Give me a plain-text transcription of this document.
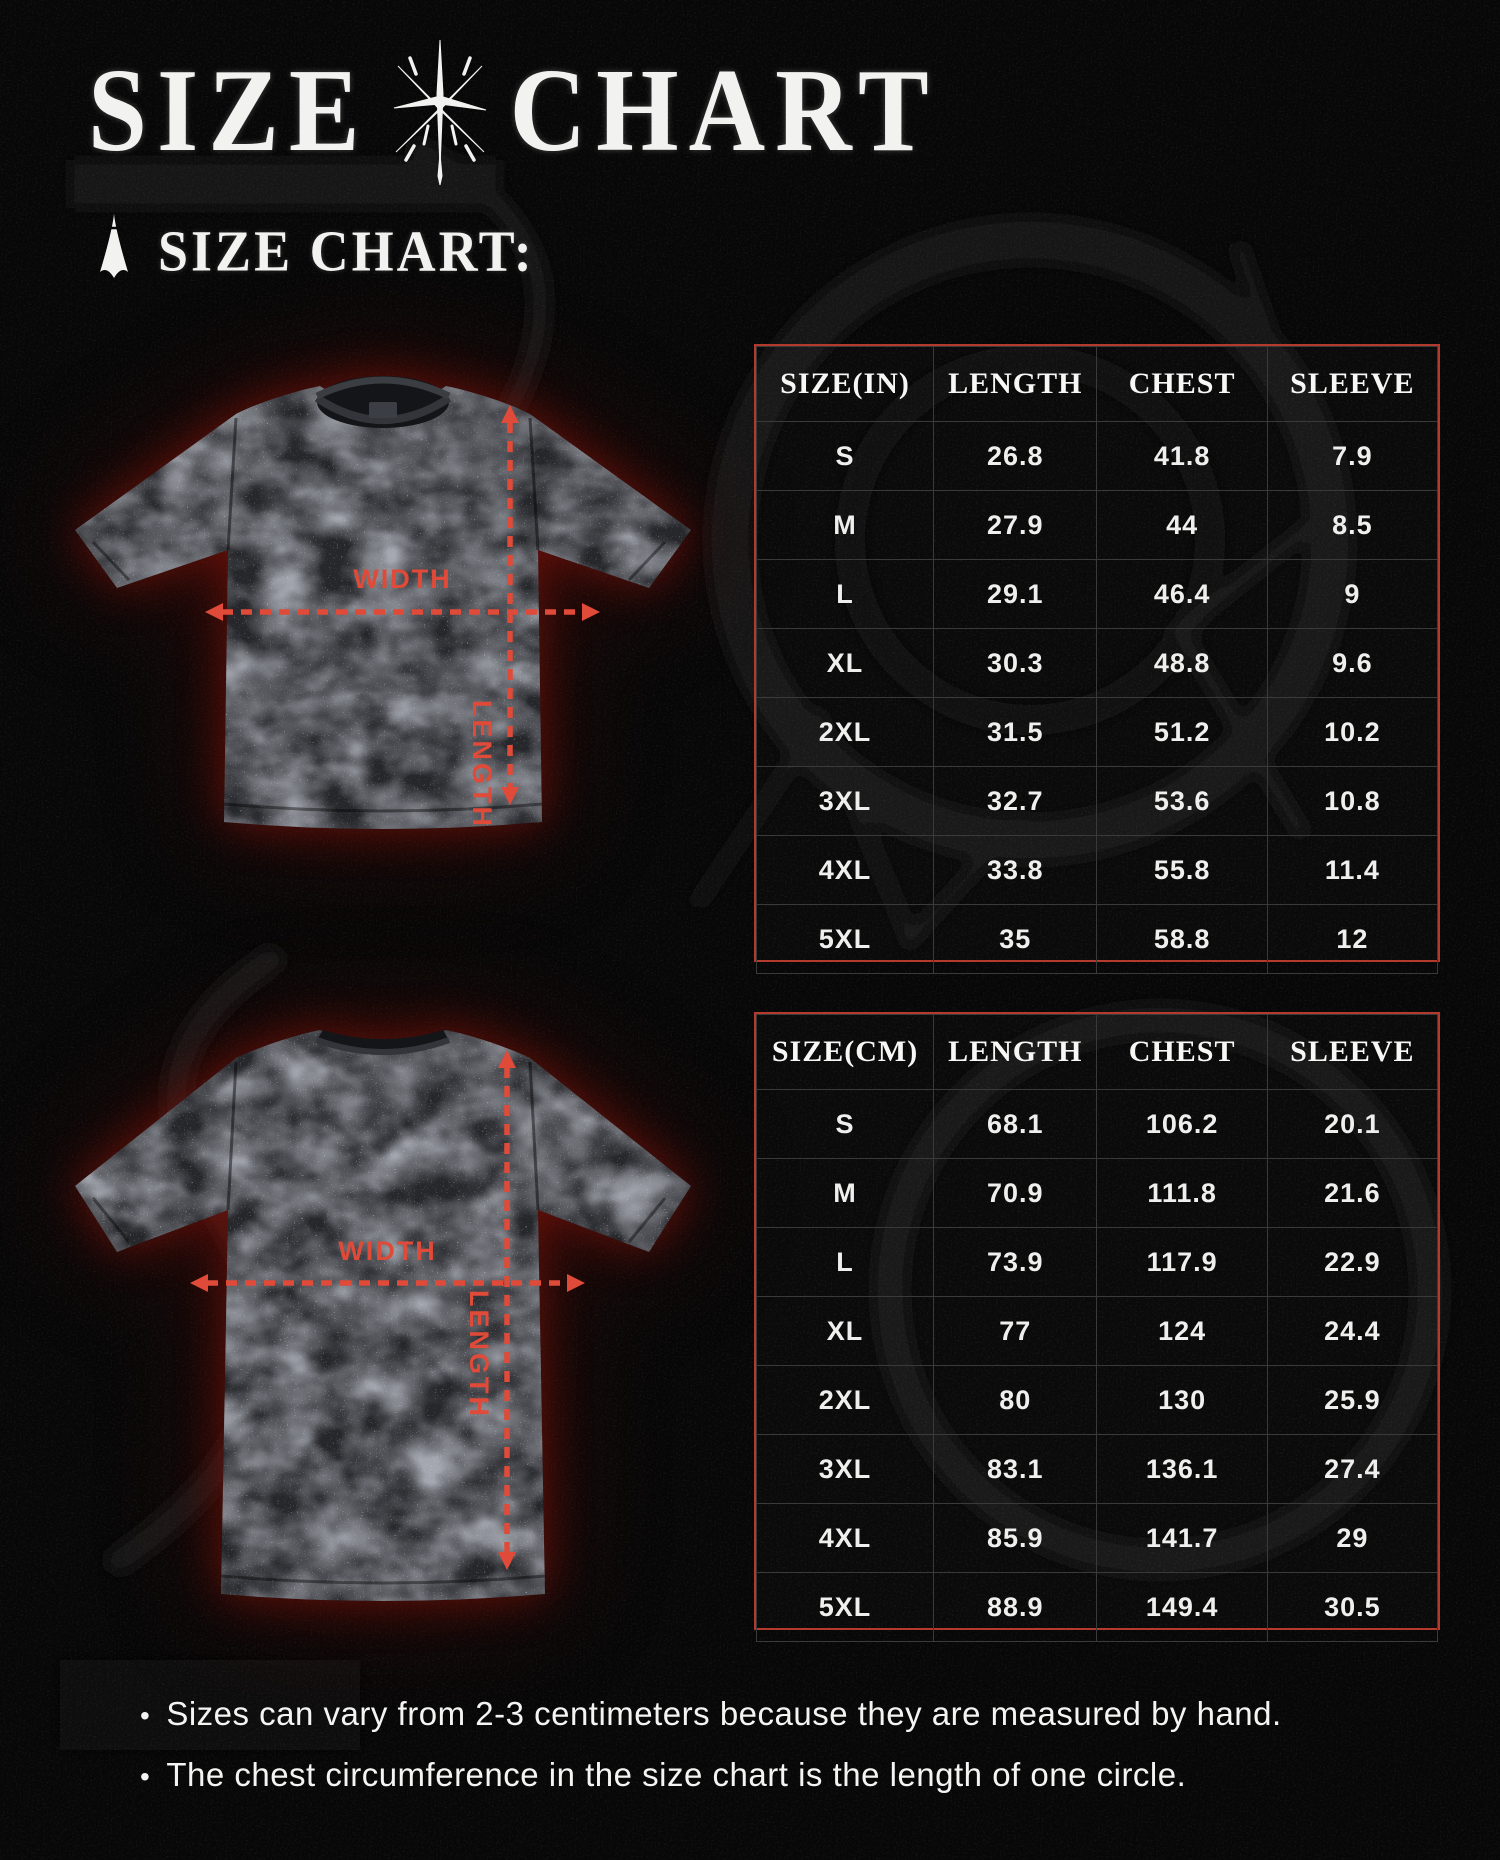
SIZE CHART
SIZE CHART:
WIDTH
LENGTH
WIDTH
LENGTH
SIZE(IN)	LENGTH	CHEST	SLEEVE
S	26.8	41.8	7.9
M	27.9	44	8.5
L	29.1	46.4	9
XL	30.3	48.8	9.6
2XL	31.5	51.2	10.2
3XL	32.7	53.6	10.8
4XL	33.8	55.8	11.4
5XL	35	58.8	12
SIZE(CM)	LENGTH	CHEST	SLEEVE
S	68.1	106.2	20.1
M	70.9	111.8	21.6
L	73.9	117.9	22.9
XL	77	124	24.4
2XL	80	130	25.9
3XL	83.1	136.1	27.4
4XL	85.9	141.7	29
5XL	88.9	149.4	30.5
• Sizes can vary from 2-3 centimeters because they are measured by hand.
• The chest circumference in the size chart is the length of one circle.
